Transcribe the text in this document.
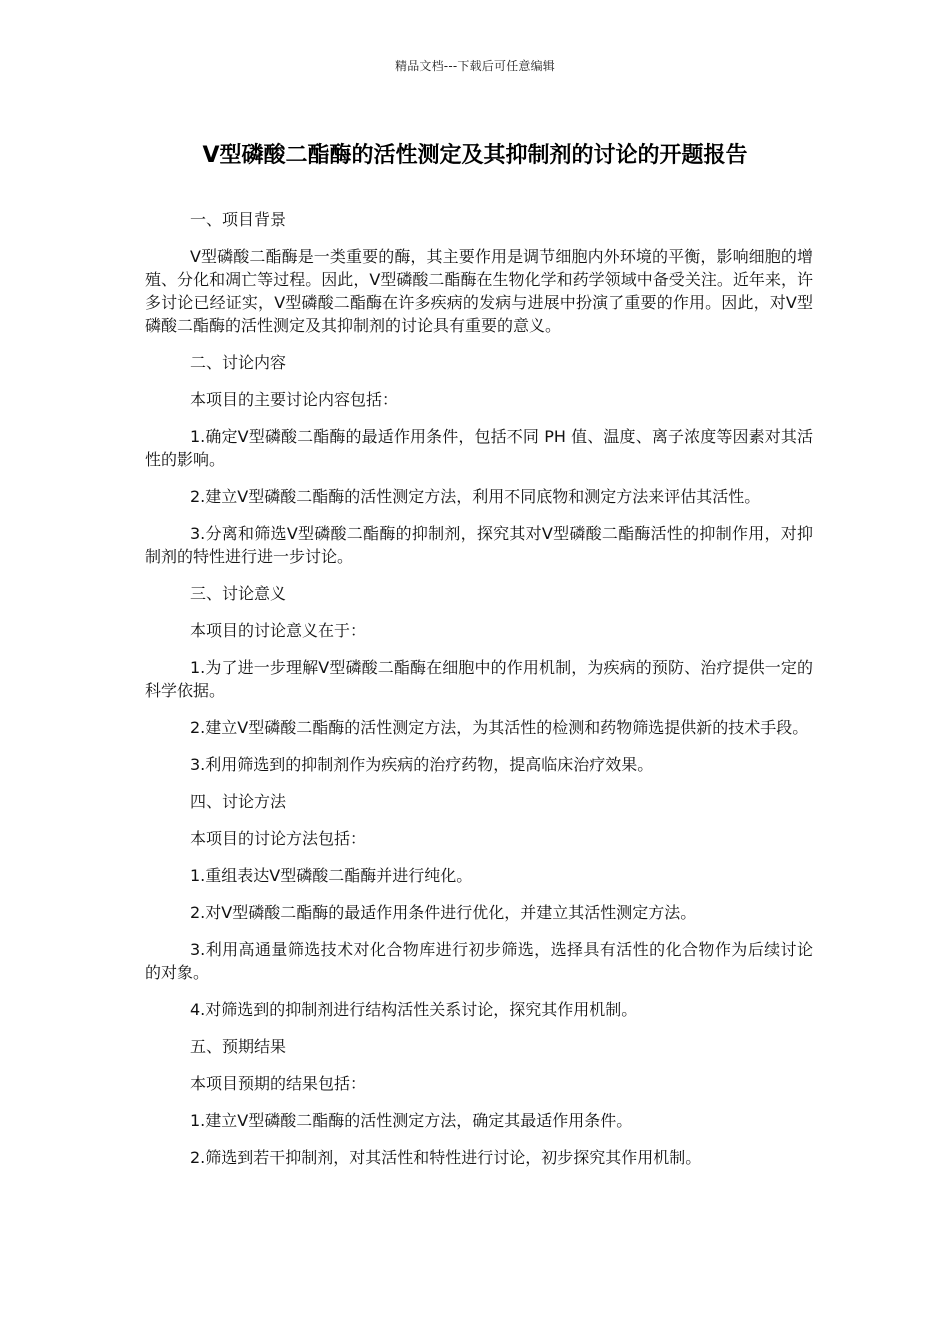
精品文档---下载后可任意编辑
Ⅴ型磷酸二酯酶的活性测定及其抑制剂的讨论的开题报告
一、项目背景

Ⅴ型磷酸二酯酶是一类重要的酶，其主要作用是调节细胞内外环境的平衡，影响细胞的增殖、分化和凋亡等过程。因此，Ⅴ型磷酸二酯酶在生物化学和药学领域中备受关注。近年来，许多讨论已经证实，Ⅴ型磷酸二酯酶在许多疾病的发病与进展中扮演了重要的作用。因此，对Ⅴ型磷酸二酯酶的活性测定及其抑制剂的讨论具有重要的意义。

二、讨论内容

本项目的主要讨论内容包括：

1.确定Ⅴ型磷酸二酯酶的最适作用条件，包括不同 PH 值、温度、离子浓度等因素对其活性的影响。

2.建立Ⅴ型磷酸二酯酶的活性测定方法，利用不同底物和测定方法来评估其活性。

3.分离和筛选Ⅴ型磷酸二酯酶的抑制剂，探究其对Ⅴ型磷酸二酯酶活性的抑制作用，对抑制剂的特性进行进一步讨论。

三、讨论意义

本项目的讨论意义在于：

1.为了进一步理解Ⅴ型磷酸二酯酶在细胞中的作用机制，为疾病的预防、治疗提供一定的科学依据。

2.建立Ⅴ型磷酸二酯酶的活性测定方法，为其活性的检测和药物筛选提供新的技术手段。

3.利用筛选到的抑制剂作为疾病的治疗药物，提高临床治疗效果。

四、讨论方法

本项目的讨论方法包括：

1.重组表达Ⅴ型磷酸二酯酶并进行纯化。

2.对Ⅴ型磷酸二酯酶的最适作用条件进行优化，并建立其活性测定方法。

3.利用高通量筛选技术对化合物库进行初步筛选，选择具有活性的化合物作为后续讨论的对象。

4.对筛选到的抑制剂进行结构活性关系讨论，探究其作用机制。

五、预期结果

本项目预期的结果包括：

1.建立Ⅴ型磷酸二酯酶的活性测定方法，确定其最适作用条件。

2.筛选到若干抑制剂，对其活性和特性进行讨论，初步探究其作用机制。
